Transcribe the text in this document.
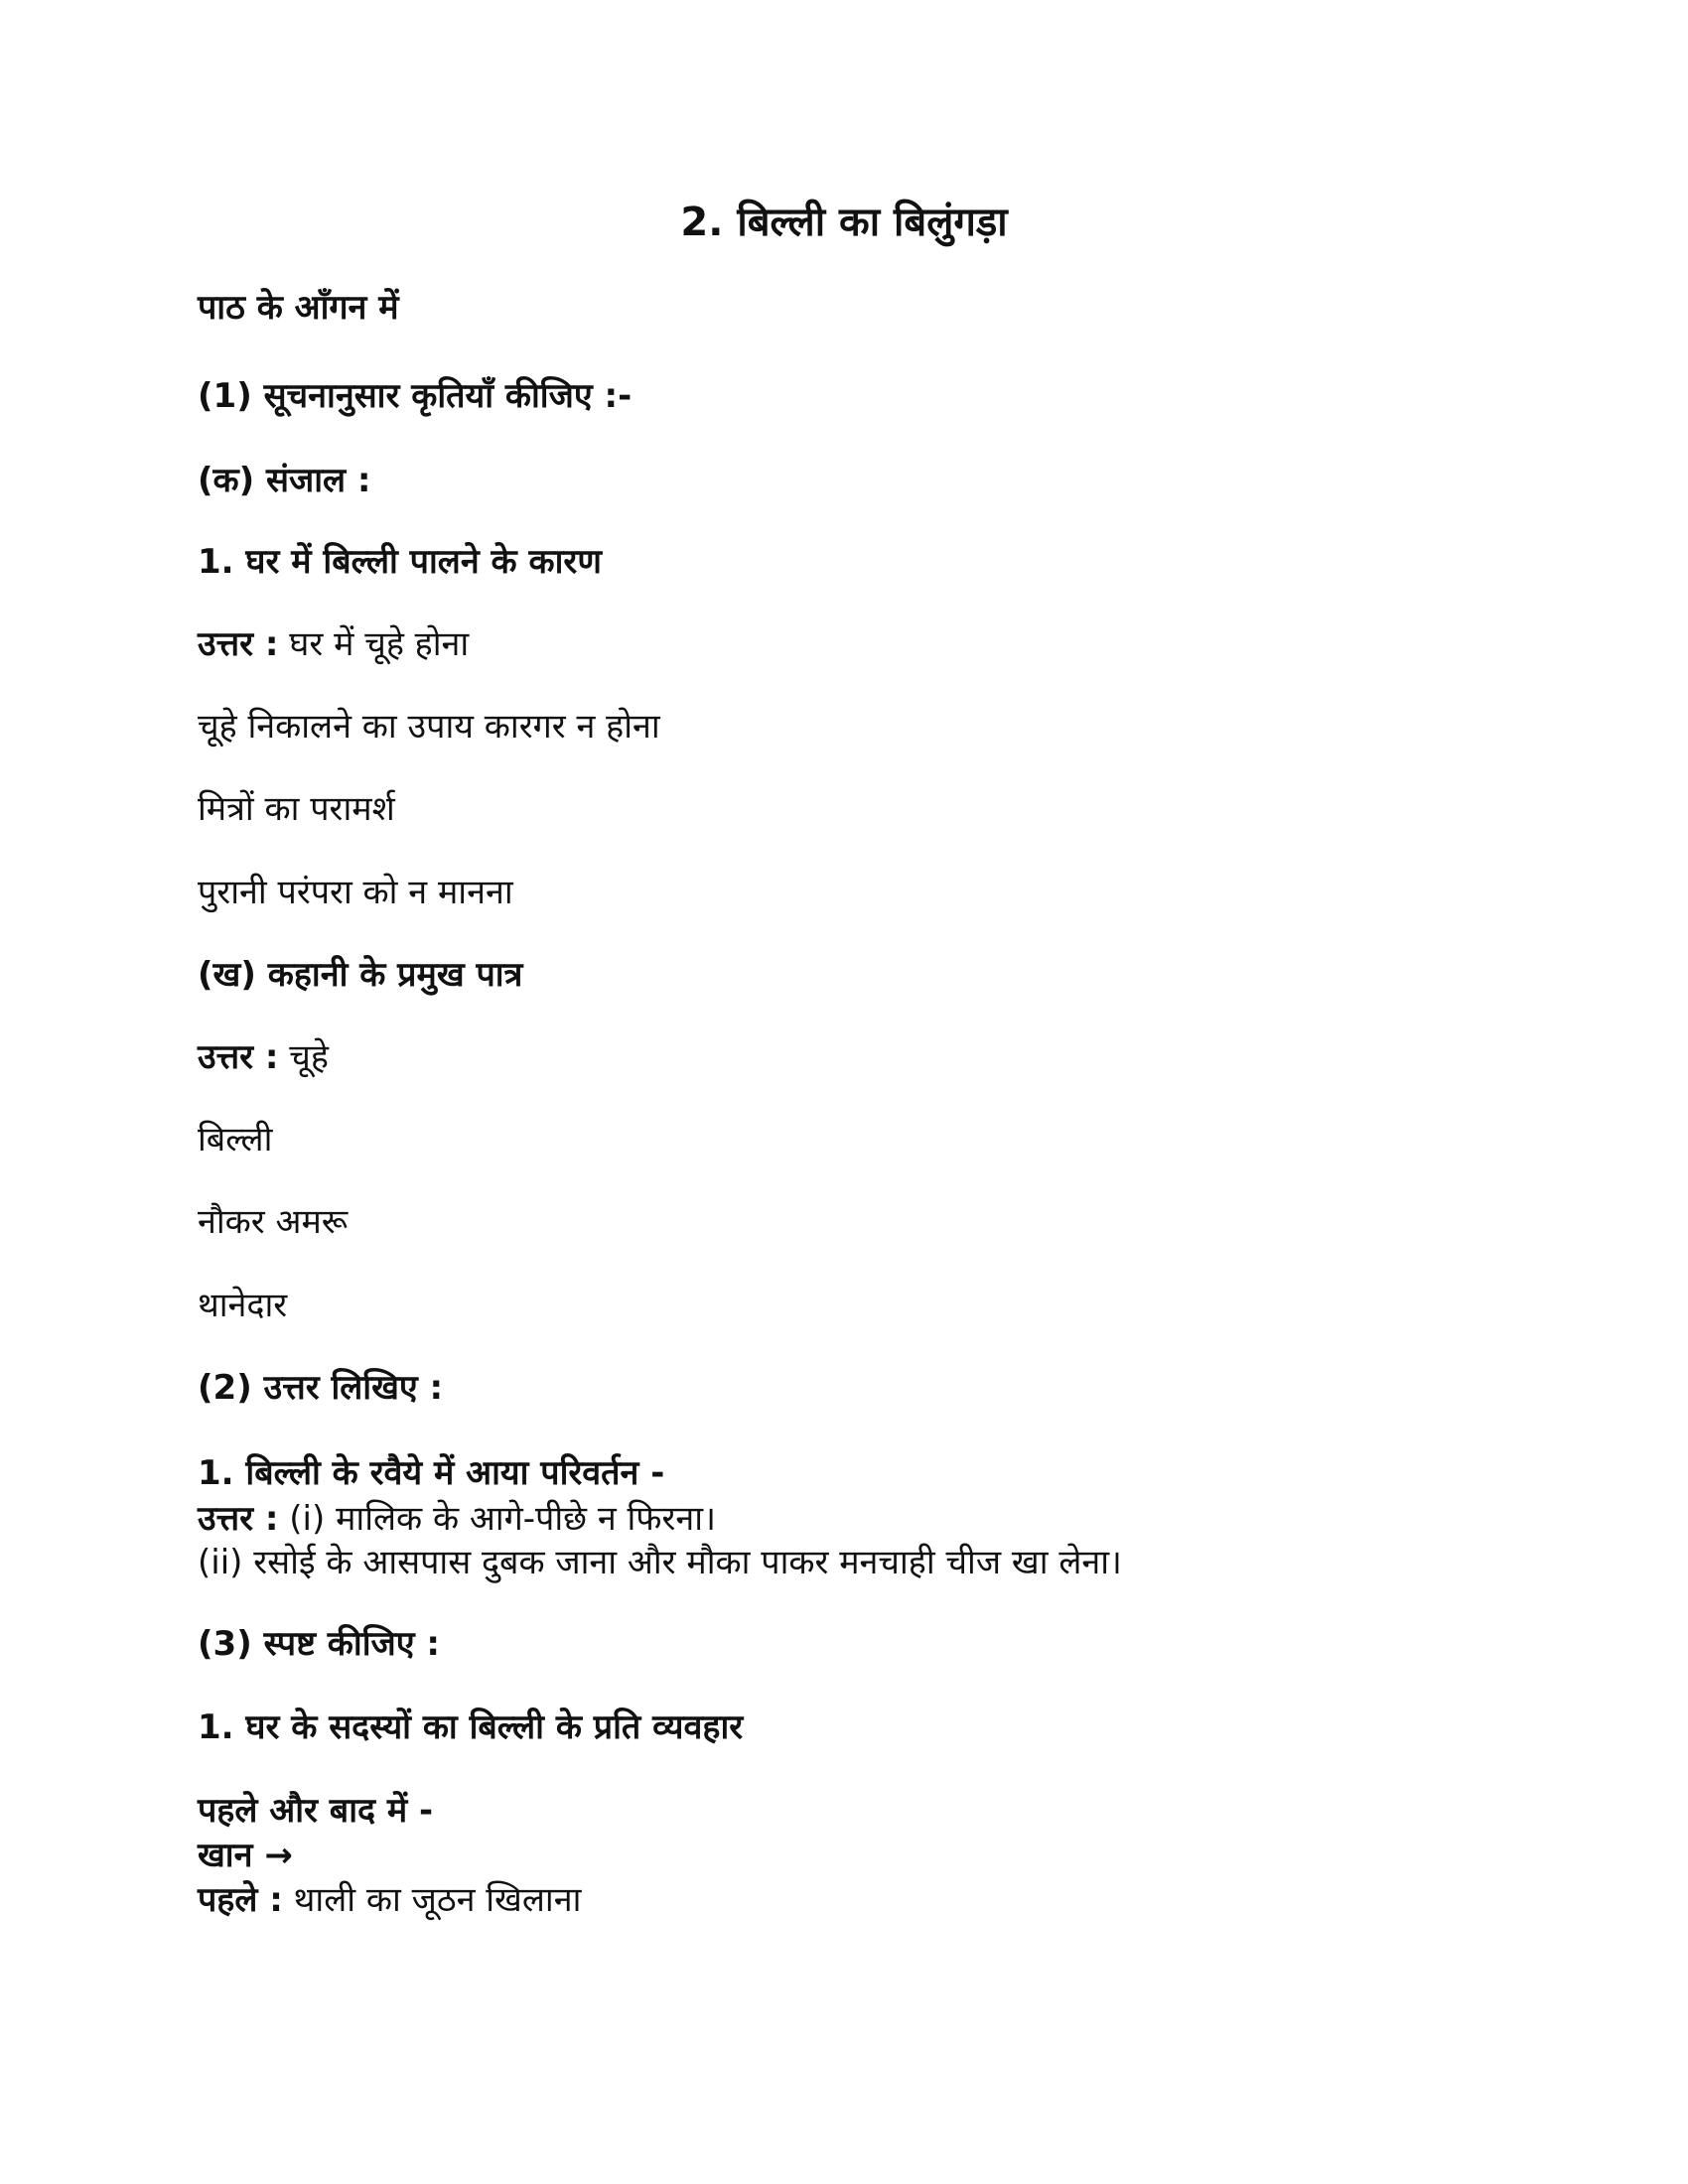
2. बिल्ली का बिलुंगड़ा
पाठ के आँगन में
(1) सूचनानुसार कृतियाँ कीजिए :-
(क) संजाल :
1. घर में बिल्ली पालने के कारण
उत्तर : घर में चूहे होना
चूहे निकालने का उपाय कारगर न होना
मित्रों का परामर्श
पुरानी परंपरा को न मानना
(ख) कहानी के प्रमुख पात्र
उत्तर : चूहे
बिल्ली
नौकर अमरू
थानेदार
(2) उत्तर लिखिए :
1. बिल्ली के रवैये में आया परिवर्तन -
उत्तर : (i) मालिक के आगे-पीछे न फिरना।
(ii) रसोई के आसपास दुबक जाना और मौका पाकर मनचाही चीज खा लेना।
(3) स्पष्ट कीजिए :
1. घर के सदस्यों का बिल्ली के प्रति व्यवहार
पहले और बाद में -
खान →
पहले : थाली का जूठन खिलाना
